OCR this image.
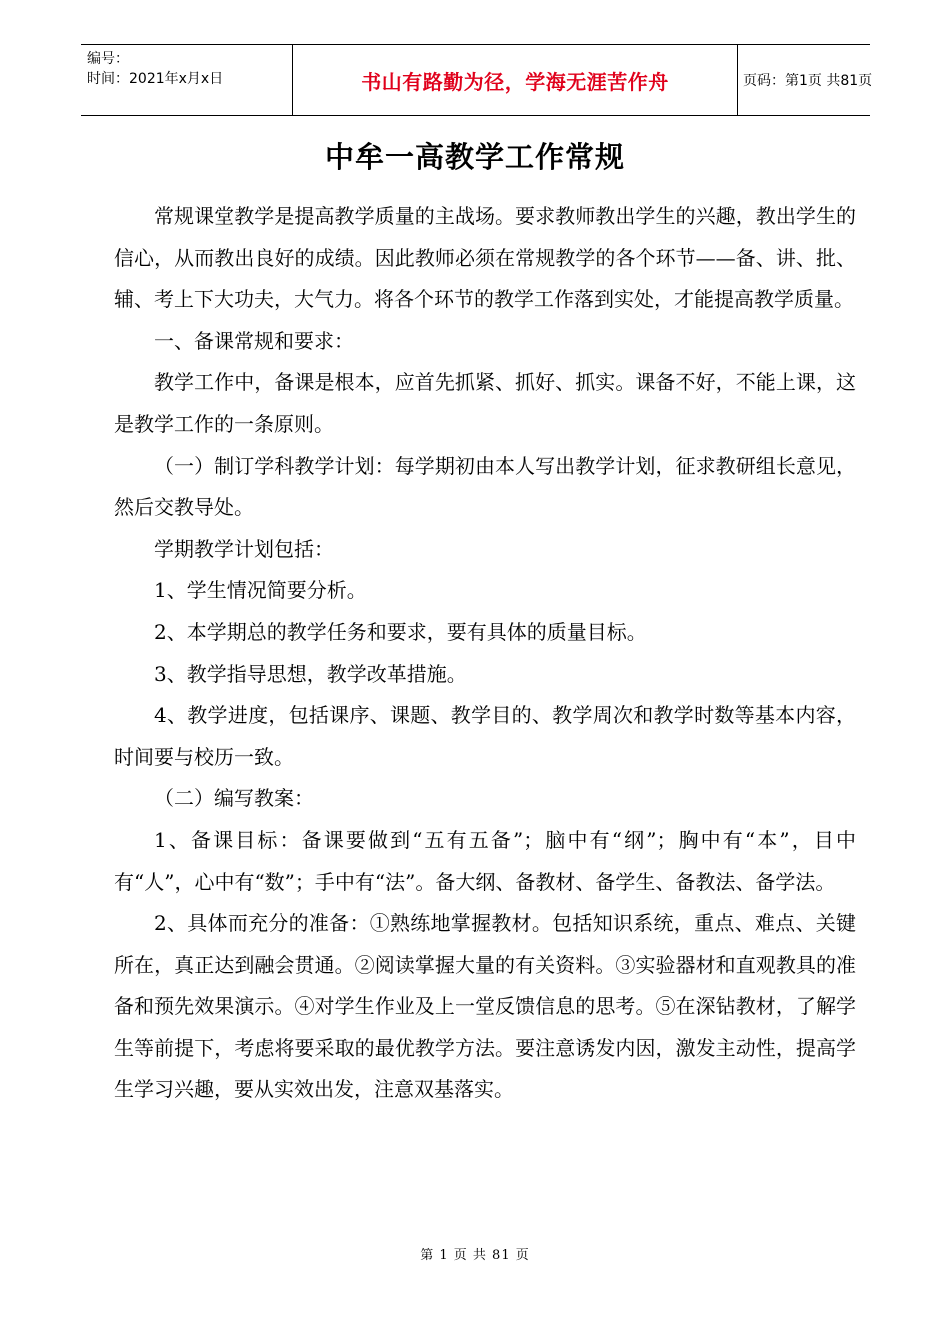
编号：
时间：2021年x月x日	书山有路勤为径，学海无涯苦作舟	页码：第1页 共81页
中牟一高教学工作常规

常规课堂教学是提高教学质量的主战场。要求教师教出学生的兴趣，教出学生的信心，从而教出良好的成绩。因此教师必须在常规教学的各个环节——备、讲、批、辅、考上下大功夫，大气力。将各个环节的教学工作落到实处，才能提高教学质量。

一、备课常规和要求：

教学工作中，备课是根本，应首先抓紧、抓好、抓实。课备不好，不能上课，这是教学工作的一条原则。

（一）制订学科教学计划：每学期初由本人写出教学计划，征求教研组长意见，然后交教导处。

学期教学计划包括：

1、学生情况简要分析。

2、本学期总的教学任务和要求，要有具体的质量目标。

3、教学指导思想，教学改革措施。

4、教学进度，包括课序、课题、教学目的、教学周次和教学时数等基本内容，时间要与校历一致。

（二）编写教案：

1、备课目标：备课要做到“五有五备”；脑中有“纲”；胸中有“本”，目中有“人”，心中有“数”；手中有“法”。备大纲、备教材、备学生、备教法、备学法。

2、具体而充分的准备：①熟练地掌握教材。包括知识系统，重点、难点、关键所在，真正达到融会贯通。②阅读掌握大量的有关资料。③实验器材和直观教具的准备和预先效果演示。④对学生作业及上一堂反馈信息的思考。⑤在深钻教材，了解学生等前提下，考虑将要采取的最优教学方法。要注意诱发内因，激发主动性，提高学生学习兴趣，要从实效出发，注意双基落实。

第 1 页 共 81 页
